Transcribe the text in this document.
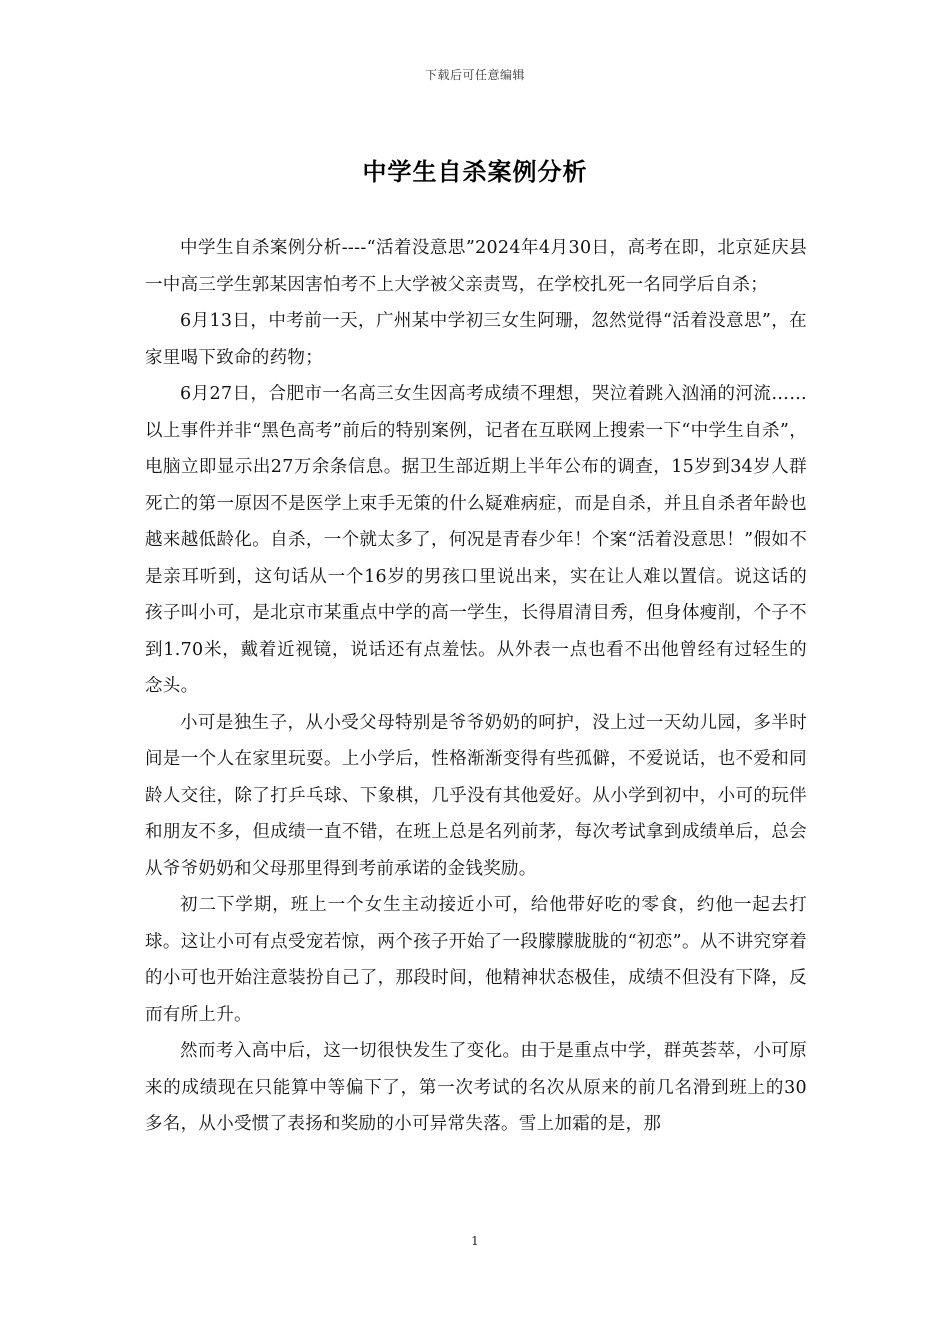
下载后可任意编辑
中学生自杀案例分析

中学生自杀案例分析----“活着没意思”2024年4月30日，高考在即，北京延庆县一中高三学生郭某因害怕考不上大学被父亲责骂，在学校扎死一名同学后自杀；

6月13日，中考前一天，广州某中学初三女生阿珊，忽然觉得“活着没意思”，在家里喝下致命的药物；

6月27日，合肥市一名高三女生因高考成绩不理想，哭泣着跳入汹涌的河流……以上事件并非“黑色高考”前后的特别案例，记者在互联网上搜索一下“中学生自杀”，电脑立即显示出27万余条信息。据卫生部近期上半年公布的调查，15岁到34岁人群死亡的第一原因不是医学上束手无策的什么疑难病症，而是自杀，并且自杀者年龄也越来越低龄化。自杀，一个就太多了，何况是青春少年！个案“活着没意思！”假如不是亲耳听到，这句话从一个16岁的男孩口里说出来，实在让人难以置信。说这话的孩子叫小可，是北京市某重点中学的高一学生，长得眉清目秀，但身体瘦削，个子不到1.70米，戴着近视镜，说话还有点羞怯。从外表一点也看不出他曾经有过轻生的念头。

小可是独生子，从小受父母特别是爷爷奶奶的呵护，没上过一天幼儿园，多半时间是一个人在家里玩耍。上小学后，性格渐渐变得有些孤僻，不爱说话，也不爱和同龄人交往，除了打乒乓球、下象棋，几乎没有其他爱好。从小学到初中，小可的玩伴和朋友不多，但成绩一直不错，在班上总是名列前茅，每次考试拿到成绩单后，总会从爷爷奶奶和父母那里得到考前承诺的金钱奖励。

初二下学期，班上一个女生主动接近小可，给他带好吃的零食，约他一起去打球。这让小可有点受宠若惊，两个孩子开始了一段朦朦胧胧的“初恋”。从不讲究穿着的小可也开始注意装扮自己了，那段时间，他精神状态极佳，成绩不但没有下降，反而有所上升。

然而考入高中后，这一切很快发生了变化。由于是重点中学，群英荟萃，小可原来的成绩现在只能算中等偏下了，第一次考试的名次从原来的前几名滑到班上的30多名，从小受惯了表扬和奖励的小可异常失落。雪上加霜的是，那

1
